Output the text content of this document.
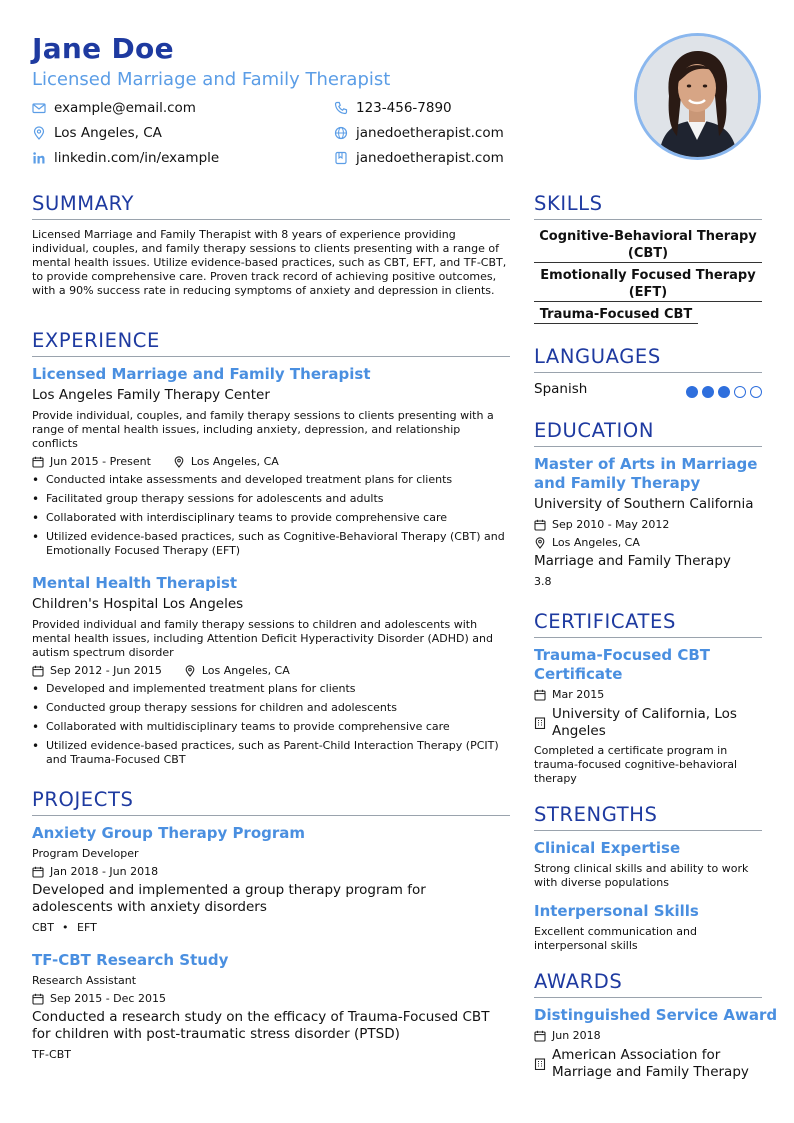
Jane Doe
Licensed Marriage and Family Therapist
example@email.com	123-456-7890
Los Angeles, CA	janedoetherapist.com
linkedin.com/in/example	janedoetherapist.com
SUMMARY
Licensed Marriage and Family Therapist with 8 years of experience providing individual, couples, and family therapy sessions to clients presenting with a range of mental health issues. Utilize evidence-based practices, such as CBT, EFT, and TF-CBT, to provide comprehensive care. Proven track record of achieving positive outcomes, with a 90% success rate in reducing symptoms of anxiety and depression in clients.
EXPERIENCE
Licensed Marriage and Family Therapist
Los Angeles Family Therapy Center
Provide individual, couples, and family therapy sessions to clients presenting with a range of mental health issues, including anxiety, depression, and relationship conflicts
Jun 2015 - Present	Los Angeles, CA
• Conducted intake assessments and developed treatment plans for clients
• Facilitated group therapy sessions for adolescents and adults
• Collaborated with interdisciplinary teams to provide comprehensive care
• Utilized evidence-based practices, such as Cognitive-Behavioral Therapy (CBT) and Emotionally Focused Therapy (EFT)
Mental Health Therapist
Children's Hospital Los Angeles
Provided individual and family therapy sessions to children and adolescents with mental health issues, including Attention Deficit Hyperactivity Disorder (ADHD) and autism spectrum disorder
Sep 2012 - Jun 2015	Los Angeles, CA
• Developed and implemented treatment plans for clients
• Conducted group therapy sessions for children and adolescents
• Collaborated with multidisciplinary teams to provide comprehensive care
• Utilized evidence-based practices, such as Parent-Child Interaction Therapy (PCIT) and Trauma-Focused CBT
PROJECTS
Anxiety Group Therapy Program
Program Developer
Jan 2018 - Jun 2018
Developed and implemented a group therapy program for adolescents with anxiety disorders
CBT • EFT
TF-CBT Research Study
Research Assistant
Sep 2015 - Dec 2015
Conducted a research study on the efficacy of Trauma-Focused CBT for children with post-traumatic stress disorder (PTSD)
TF-CBT
SKILLS
Cognitive-Behavioral Therapy (CBT)
Emotionally Focused Therapy (EFT)
Trauma-Focused CBT
LANGUAGES
Spanish
EDUCATION
Master of Arts in Marriage and Family Therapy
University of Southern California
Sep 2010 - May 2012
Los Angeles, CA
Marriage and Family Therapy
3.8
CERTIFICATES
Trauma-Focused CBT Certificate
Mar 2015
University of California, Los Angeles
Completed a certificate program in trauma-focused cognitive-behavioral therapy
STRENGTHS
Clinical Expertise
Strong clinical skills and ability to work with diverse populations
Interpersonal Skills
Excellent communication and interpersonal skills
AWARDS
Distinguished Service Award
Jun 2018
American Association for Marriage and Family Therapy
